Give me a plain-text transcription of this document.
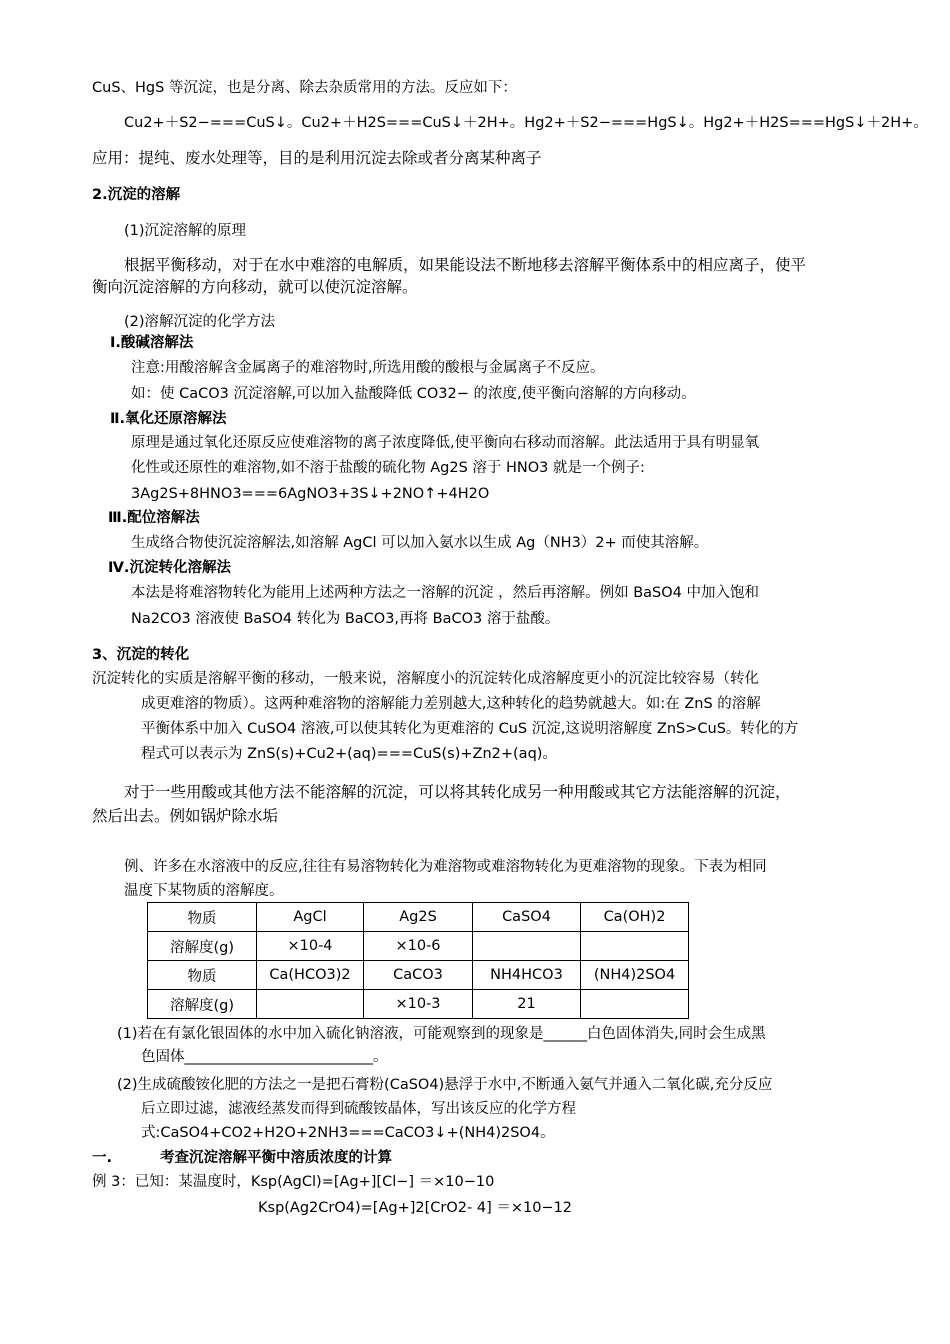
CuS、HgS 等沉淀，也是分离、除去杂质常用的方法。反应如下：
Cu2+＋S2−===CuS↓。Cu2+＋H2S===CuS↓＋2H+。Hg2+＋S2−===HgS↓。Hg2+＋H2S===HgS↓＋2H+。
应用：提纯、废水处理等，目的是利用沉淀去除或者分离某种离子
2.沉淀的溶解
(1)沉淀溶解的原理
根据平衡移动，对于在水中难溶的电解质，如果能设法不断地移去溶解平衡体系中的相应离子，使平
衡向沉淀溶解的方向移动，就可以使沉淀溶解。
(2)溶解沉淀的化学方法
Ⅰ.酸碱溶解法
注意:用酸溶解含金属离子的难溶物时,所选用酸的酸根与金属离子不反应。
如：使 CaCO3 沉淀溶解,可以加入盐酸降低 CO32− 的浓度,使平衡向溶解的方向移动。
Ⅱ.氧化还原溶解法
原理是通过氧化还原反应使难溶物的离子浓度降低,使平衡向右移动而溶解。此法适用于具有明显氧
化性或还原性的难溶物,如不溶于盐酸的硫化物 Ag2S 溶于 HNO3 就是一个例子:
3Ag2S+8HNO3===6AgNO3+3S↓+2NO↑+4H2O
Ⅲ.配位溶解法
生成络合物使沉淀溶解法,如溶解 AgCl 可以加入氨水以生成 Ag（NH3）2+ 而使其溶解。
Ⅳ.沉淀转化溶解法
本法是将难溶物转化为能用上述两种方法之一溶解的沉淀 ，然后再溶解。例如 BaSO4 中加入饱和
Na2CO3 溶液使 BaSO4 转化为 BaCO3,再将 BaCO3 溶于盐酸。
3、沉淀的转化
沉淀转化的实质是溶解平衡的移动，一般来说，溶解度小的沉淀转化成溶解度更小的沉淀比较容易（转化
成更难溶的物质）。这两种难溶物的溶解能力差别越大,这种转化的趋势就越大。如:在 ZnS 的溶解
平衡体系中加入 CuSO4 溶液,可以使其转化为更难溶的 CuS 沉淀,这说明溶解度 ZnS>CuS。转化的方
程式可以表示为 ZnS(s)+Cu2+(aq)===CuS(s)+Zn2+(aq)。
对于一些用酸或其他方法不能溶解的沉淀，可以将其转化成另一种用酸或其它方法能溶解的沉淀，
然后出去。例如锅炉除水垢
例、许多在水溶液中的反应,往往有易溶物转化为难溶物或难溶物转化为更难溶物的现象。下表为相同
温度下某物质的溶解度。
物质	AgCl	Ag2S	CaSO4	Ca(OH)2
溶解度(g)	×10-4	×10-6		
物质	Ca(HCO3)2	CaCO3	NH4HCO3	(NH4)2SO4
溶解度(g)		×10-3	21	
(1)若在有氯化银固体的水中加入硫化钠溶液，可能观察到的现象是______白色固体消失,同时会生成黑
色固体__________________________。
(2)生成硫酸铵化肥的方法之一是把石膏粉(CaSO4)悬浮于水中,不断通入氨气并通入二氧化碳,充分反应
后立即过滤，滤液经蒸发而得到硫酸铵晶体，写出该反应的化学方程
式:CaSO4+CO2+H2O+2NH3===CaCO3↓+(NH4)2SO4。
一.	考查沉淀溶解平衡中溶质浓度的计算
例 3：已知：某温度时，Ksp(AgCl)=[Ag+][Cl−] ＝×10−10
Ksp(Ag2CrO4)=[Ag+]2[CrO2- 4] ＝×10−12
